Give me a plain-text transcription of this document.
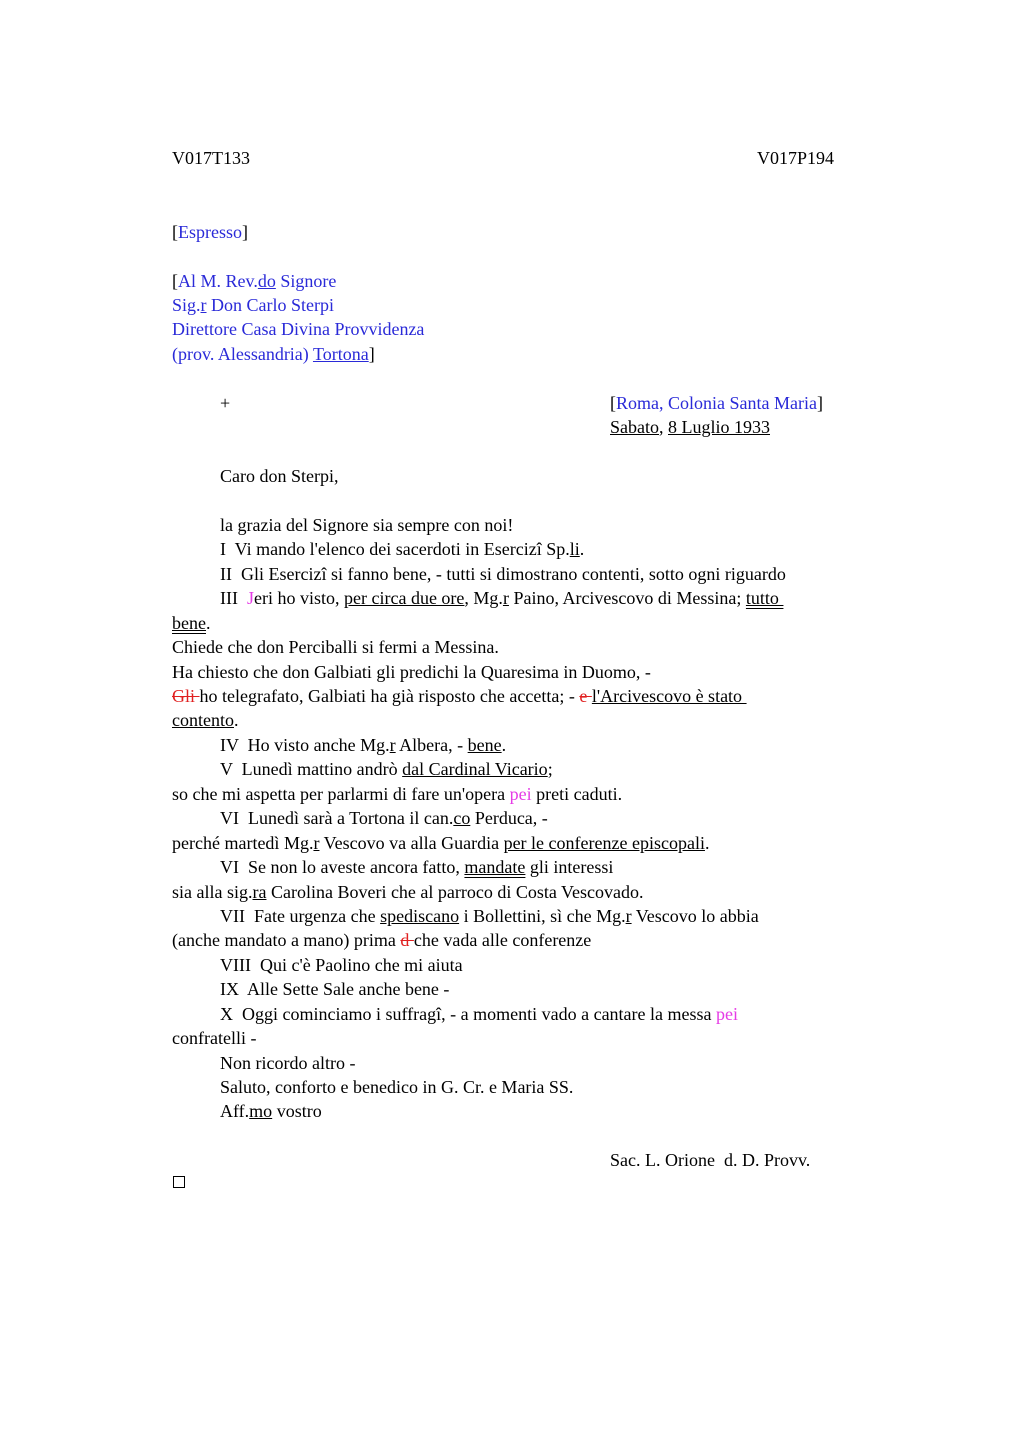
V017T133	V017P194
[Espresso]
[Al M. Rev.do Signore
Sig.r Don Carlo Sterpi
Direttore Casa Divina Provvidenza
(prov. Alessandria) Tortona]
+	[Roma, Colonia Santa Maria]
Sabato, 8 Luglio 1933
Caro don Sterpi,
la grazia del Signore sia sempre con noi!
I  Vi mando l'elenco dei sacerdoti in Esercizî Sp.li.
II  Gli Esercizî si fanno bene, - tutti si dimostrano contenti, sotto ogni riguardo
III  Jeri ho visto, per circa due ore, Mg.r Paino, Arcivescovo di Messina; tutto
bene.
Chiede che don Perciballi si fermi a Messina.
Ha chiesto che don Galbiati gli predichi la Quaresima in Duomo, -
Gli ho telegrafato, Galbiati ha già risposto che accetta; - e l'Arcivescovo è stato
contento.
IV  Ho visto anche Mg.r Albera, - bene.
V  Lunedì mattino andrò dal Cardinal Vicario;
so che mi aspetta per parlarmi di fare un'opera pei preti caduti.
VI  Lunedì sarà a Tortona il can.co Perduca, -
perché martedì Mg.r Vescovo va alla Guardia per le conferenze episcopali.
VI  Se non lo aveste ancora fatto, mandate gli interessi
sia alla sig.ra Carolina Boveri che al parroco di Costa Vescovado.
VII  Fate urgenza che spediscano i Bollettini, sì che Mg.r Vescovo lo abbia
(anche mandato a mano) prima d che vada alle conferenze
VIII  Qui c'è Paolino che mi aiuta
IX  Alle Sette Sale anche bene -
X  Oggi cominciamo i suffragî, - a momenti vado a cantare la messa pei
confratelli -
Non ricordo altro -
Saluto, conforto e benedico in G. Cr. e Maria SS.
Aff.mo vostro
Sac. L. Orione  d. D. Provv.
